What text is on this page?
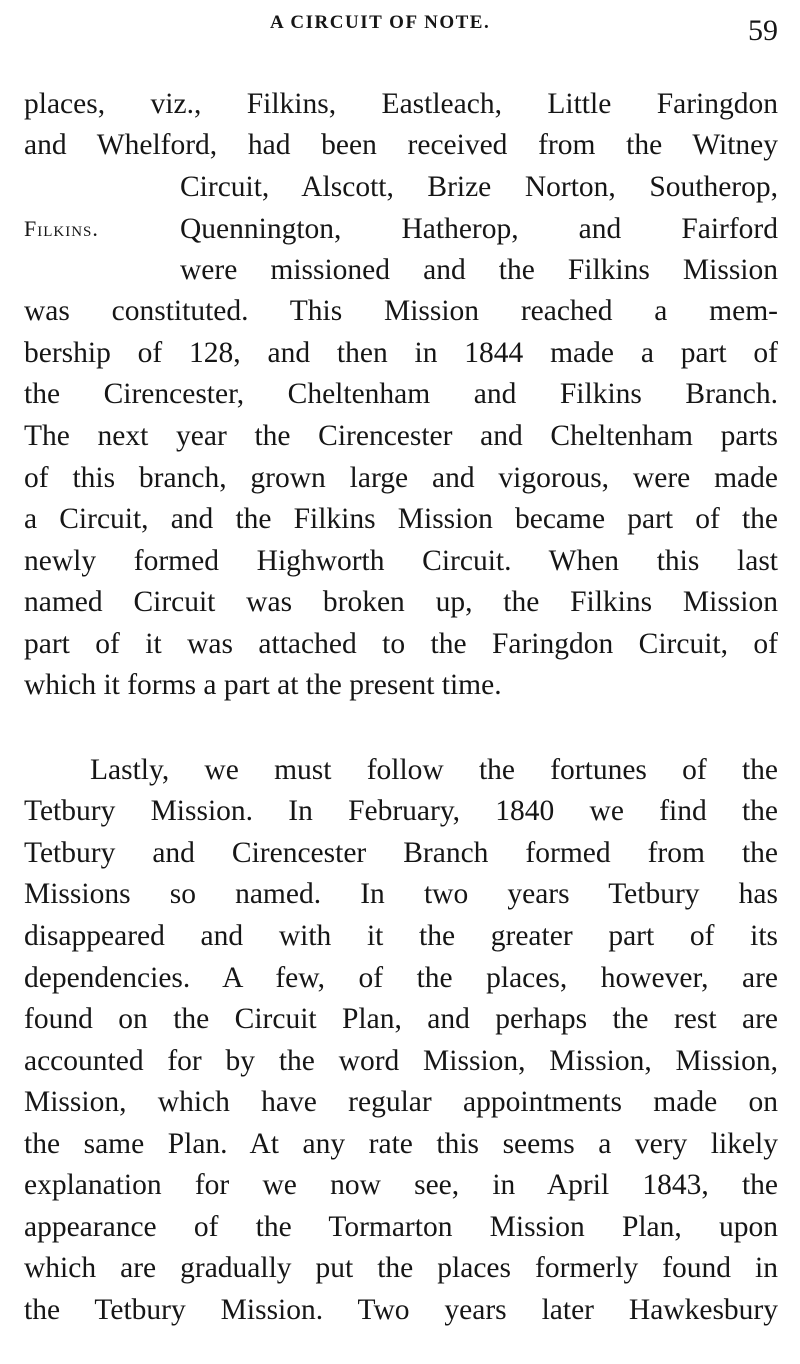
A CIRCUIT OF NOTE.	59
places, viz., Filkins, Eastleach, Little Faringdon
and Whelford, had been received from the Witney
Circuit, Alscott, Brize Norton, Southerop,
Filkins.	Quennington, Hatherop, and Fairford
were missioned and the Filkins Mission
was constituted. This Mission reached a mem-
bership of 128, and then in 1844 made a part of
the Cirencester, Cheltenham and Filkins Branch.
The next year the Cirencester and Cheltenham parts
of this branch, grown large and vigorous, were made
a Circuit, and the Filkins Mission became part of the
newly formed Highworth Circuit. When this last
named Circuit was broken up, the Filkins Mission
part of it was attached to the Faringdon Circuit, of
which it forms a part at the present time.
Lastly, we must follow the fortunes of the
Tetbury Mission. In February, 1840 we find the
Tetbury and Cirencester Branch formed from the
Missions so named. In two years Tetbury has
disappeared and with it the greater part of its
dependencies. A few, of the places, however, are
found on the Circuit Plan, and perhaps the rest are
accounted for by the word Mission, Mission, Mission,
Mission, which have regular appointments made on
the same Plan. At any rate this seems a very likely
explanation for we now see, in April 1843, the
appearance of the Tormarton Mission Plan, upon
which are gradually put the places formerly found in
the Tetbury Mission. Two years later Hawkesbury
